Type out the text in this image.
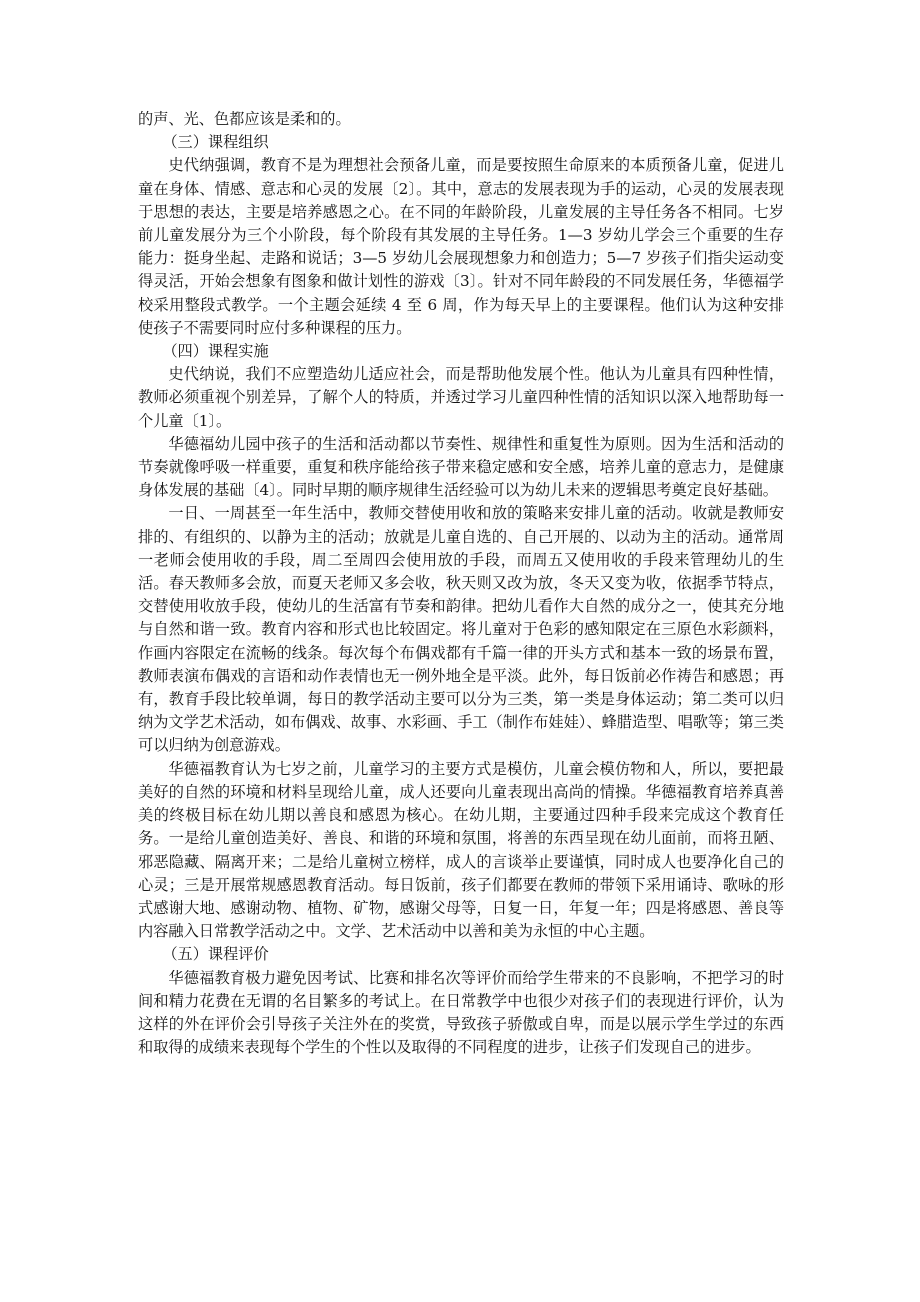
的声、光、色都应该是柔和的。

（三）课程组织

史代纳强调，教育不是为理想社会预备儿童，而是要按照生命原来的本质预备儿童，促进儿童在身体、情感、意志和心灵的发展〔2〕。其中，意志的发展表现为手的运动，心灵的发展表现于思想的表达，主要是培养感恩之心。在不同的年龄阶段，儿童发展的主导任务各不相同。七岁前儿童发展分为三个小阶段，每个阶段有其发展的主导任务。1—3 岁幼儿学会三个重要的生存能力：挺身坐起、走路和说话；3—5 岁幼儿会展现想象力和创造力；5—7 岁孩子们指尖运动变得灵活，开始会想象有图象和做计划性的游戏〔3〕。针对不同年龄段的不同发展任务，华德福学校采用整段式教学。一个主题会延续 4 至 6 周，作为每天早上的主要课程。他们认为这种安排使孩子不需要同时应付多种课程的压力。

（四）课程实施

史代纳说，我们不应塑造幼儿适应社会，而是帮助他发展个性。他认为儿童具有四种性情，教师必须重视个别差异，了解个人的特质，并透过学习儿童四种性情的活知识以深入地帮助每一个儿童〔1〕。

华德福幼儿园中孩子的生活和活动都以节奏性、规律性和重复性为原则。因为生活和活动的节奏就像呼吸一样重要，重复和秩序能给孩子带来稳定感和安全感，培养儿童的意志力，是健康身体发展的基础〔4〕。同时早期的顺序规律生活经验可以为幼儿未来的逻辑思考奠定良好基础。

一日、一周甚至一年生活中，教师交替使用收和放的策略来安排儿童的活动。收就是教师安排的、有组织的、以静为主的活动；放就是儿童自选的、自己开展的、以动为主的活动。通常周一老师会使用收的手段，周二至周四会使用放的手段，而周五又使用收的手段来管理幼儿的生活。春天教师多会放，而夏天老师又多会收，秋天则又改为放，冬天又变为收，依据季节特点，交替使用收放手段，使幼儿的生活富有节奏和韵律。把幼儿看作大自然的成分之一，使其充分地与自然和谐一致。教育内容和形式也比较固定。将儿童对于色彩的感知限定在三原色水彩颜料，作画内容限定在流畅的线条。每次每个布偶戏都有千篇一律的开头方式和基本一致的场景布置，教师表演布偶戏的言语和动作表情也无一例外地全是平淡。此外，每日饭前必作祷告和感恩；再有，教育手段比较单调，每日的教学活动主要可以分为三类，第一类是身体运动；第二类可以归纳为文学艺术活动，如布偶戏、故事、水彩画、手工（制作布娃娃）、蜂腊造型、唱歌等；第三类可以归纳为创意游戏。

华德福教育认为七岁之前，儿童学习的主要方式是模仿，儿童会模仿物和人，所以，要把最美好的自然的环境和材料呈现给儿童，成人还要向儿童表现出高尚的情操。华德福教育培养真善美的终极目标在幼儿期以善良和感恩为核心。在幼儿期，主要通过四种手段来完成这个教育任务。一是给儿童创造美好、善良、和谐的环境和氛围，将善的东西呈现在幼儿面前，而将丑陋、邪恶隐藏、隔离开来；二是给儿童树立榜样，成人的言谈举止要谨慎，同时成人也要净化自己的心灵；三是开展常规感恩教育活动。每日饭前，孩子们都要在教师的带领下采用诵诗、歌咏的形式感谢大地、感谢动物、植物、矿物，感谢父母等，日复一日，年复一年；四是将感恩、善良等内容融入日常教学活动之中。文学、艺术活动中以善和美为永恒的中心主题。

（五）课程评价

华德福教育极力避免因考试、比赛和排名次等评价而给学生带来的不良影响，不把学习的时间和精力花费在无谓的名目繁多的考试上。在日常教学中也很少对孩子们的表现进行评价，认为这样的外在评价会引导孩子关注外在的奖赏，导致孩子骄傲或自卑，而是以展示学生学过的东西和取得的成绩来表现每个学生的个性以及取得的不同程度的进步，让孩子们发现自己的进步。
